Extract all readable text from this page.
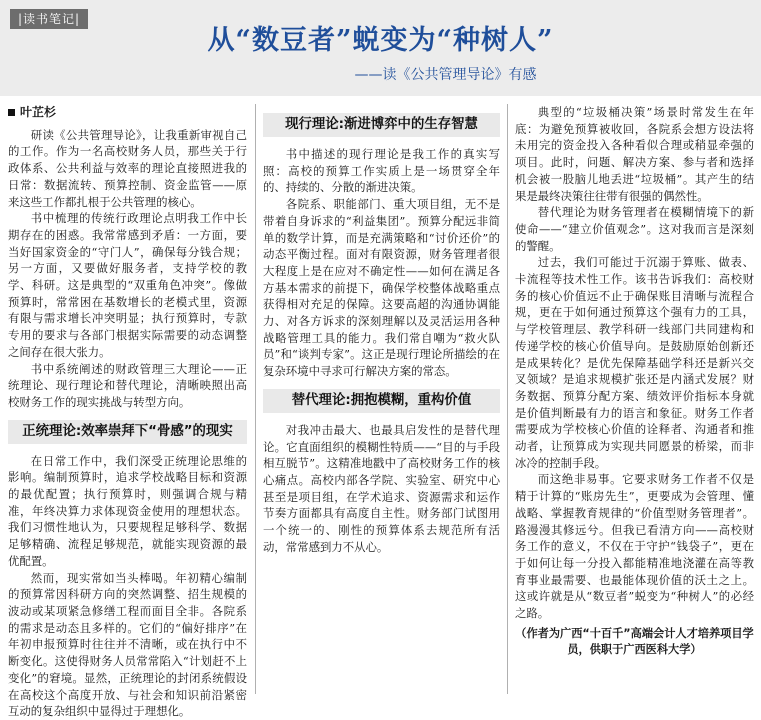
|读书笔记|
从“数豆者”蜕变为“种树人”
——读《公共管理导论》有感
叶芷杉

研读《公共管理导论》，让我重新审视自己的工作。作为一名高校财务人员，那些关于行政体系、公共利益与效率的理论直接照进我的日常：数据流转、预算控制、资金监管——原来这些工作都扎根于公共管理的核心。

书中梳理的传统行政理论点明我工作中长期存在的困惑。我常常感到矛盾：一方面，要当好国家资金的“守门人”，确保每分钱合规；另一方面，又要做好服务者，支持学校的教学、科研。这是典型的“双重角色冲突”。像做预算时，常常困在基数增长的老模式里，资源有限与需求增长冲突明显；执行预算时，专款专用的要求与各部门根据实际需要的动态调整之间存在很大张力。

书中系统阐述的财政管理三大理论——正统理论、现行理论和替代理论，清晰映照出高校财务工作的现实挑战与转型方向。

正统理论:效率崇拜下“骨感”的现实

在日常工作中，我们深受正统理论思维的影响。编制预算时，追求学校战略目标和资源的最优配置；执行预算时，则强调合规与精准，年终决算力求体现资金使用的理想状态。我们习惯性地认为，只要规程足够科学、数据足够精确、流程足够规范，就能实现资源的最优配置。

然而，现实常如当头棒喝。年初精心编制的预算常因科研方向的突然调整、招生规模的波动或某项紧急修缮工程而面目全非。各院系的需求是动态且多样的。它们的“偏好排序”在年初申报预算时往往并不清晰，或在执行中不断变化。这使得财务人员常常陷入“计划赶不上变化”的窘境。显然，正统理论的封闭系统假设在高校这个高度开放、与社会和知识前沿紧密互动的复杂组织中显得过于理想化。

现行理论:渐进博弈中的生存智慧

书中描述的现行理论是我工作的真实写照：高校的预算工作实质上是一场贯穿全年的、持续的、分散的渐进决策。

各院系、职能部门、重大项目组，无不是带着自身诉求的“利益集团”。预算分配远非简单的数学计算，而是充满策略和“讨价还价”的动态平衡过程。面对有限资源，财务管理者很大程度上是在应对不确定性——如何在满足各方基本需求的前提下，确保学校整体战略重点获得相对充足的保障。这要高超的沟通协调能力、对各方诉求的深刻理解以及灵活运用各种战略管理工具的能力。我们常自嘲为“救火队员”和“谈判专家”。这正是现行理论所描绘的在复杂环境中寻求可行解决方案的常态。

替代理论:拥抱模糊，重构价值

对我冲击最大、也最具启发性的是替代理论。它直面组织的模糊性特质——“目的与手段相互脱节”。这精准地戳中了高校财务工作的核心痛点。高校内部各学院、实验室、研究中心甚至是项目组，在学术追求、资源需求和运作节奏方面都具有高度自主性。财务部门试图用一个统一的、刚性的预算体系去规范所有活动，常常感到力不从心。

典型的“垃圾桶决策”场景时常发生在年底：为避免预算被收回，各院系会想方设法将未用完的资金投入各种看似合理或稍显牵强的项目。此时，问题、解决方案、参与者和选择机会被一股脑儿地丢进“垃圾桶”。其产生的结果是最终决策往往带有很强的偶然性。

替代理论为财务管理者在模糊情境下的新使命——“建立价值观念”。这对我而言是深刻的警醒。

过去，我们可能过于沉溺于算账、做表、卡流程等技术性工作。该书告诉我们：高校财务的核心价值远不止于确保账目清晰与流程合规，更在于如何通过预算这个强有力的工具，与学校管理层、教学科研一线部门共同建构和传递学校的核心价值导向。是鼓励原始创新还是成果转化？是优先保障基础学科还是新兴交叉领域？是追求规模扩张还是内涵式发展？财务数据、预算分配方案、绩效评价指标本身就是价值判断最有力的语言和象征。财务工作者需要成为学校核心价值的诠释者、沟通者和推动者，让预算成为实现共同愿景的桥梁，而非冰冷的控制手段。

而这绝非易事。它要求财务工作者不仅是精于计算的“账房先生”，更要成为会管理、懂战略、掌握教育规律的“价值型财务管理者”。路漫漫其修远兮。但我已看清方向——高校财务工作的意义，不仅在于守护“钱袋子”，更在于如何让每一分投入都能精准地浇灌在高等教育事业最需要、也最能体现价值的沃土之上。这或许就是从“数豆者”蜕变为“种树人”的必经之路。

（作者为广西“十百千”高端会计人才培养项目学员，供职于广西医科大学）
